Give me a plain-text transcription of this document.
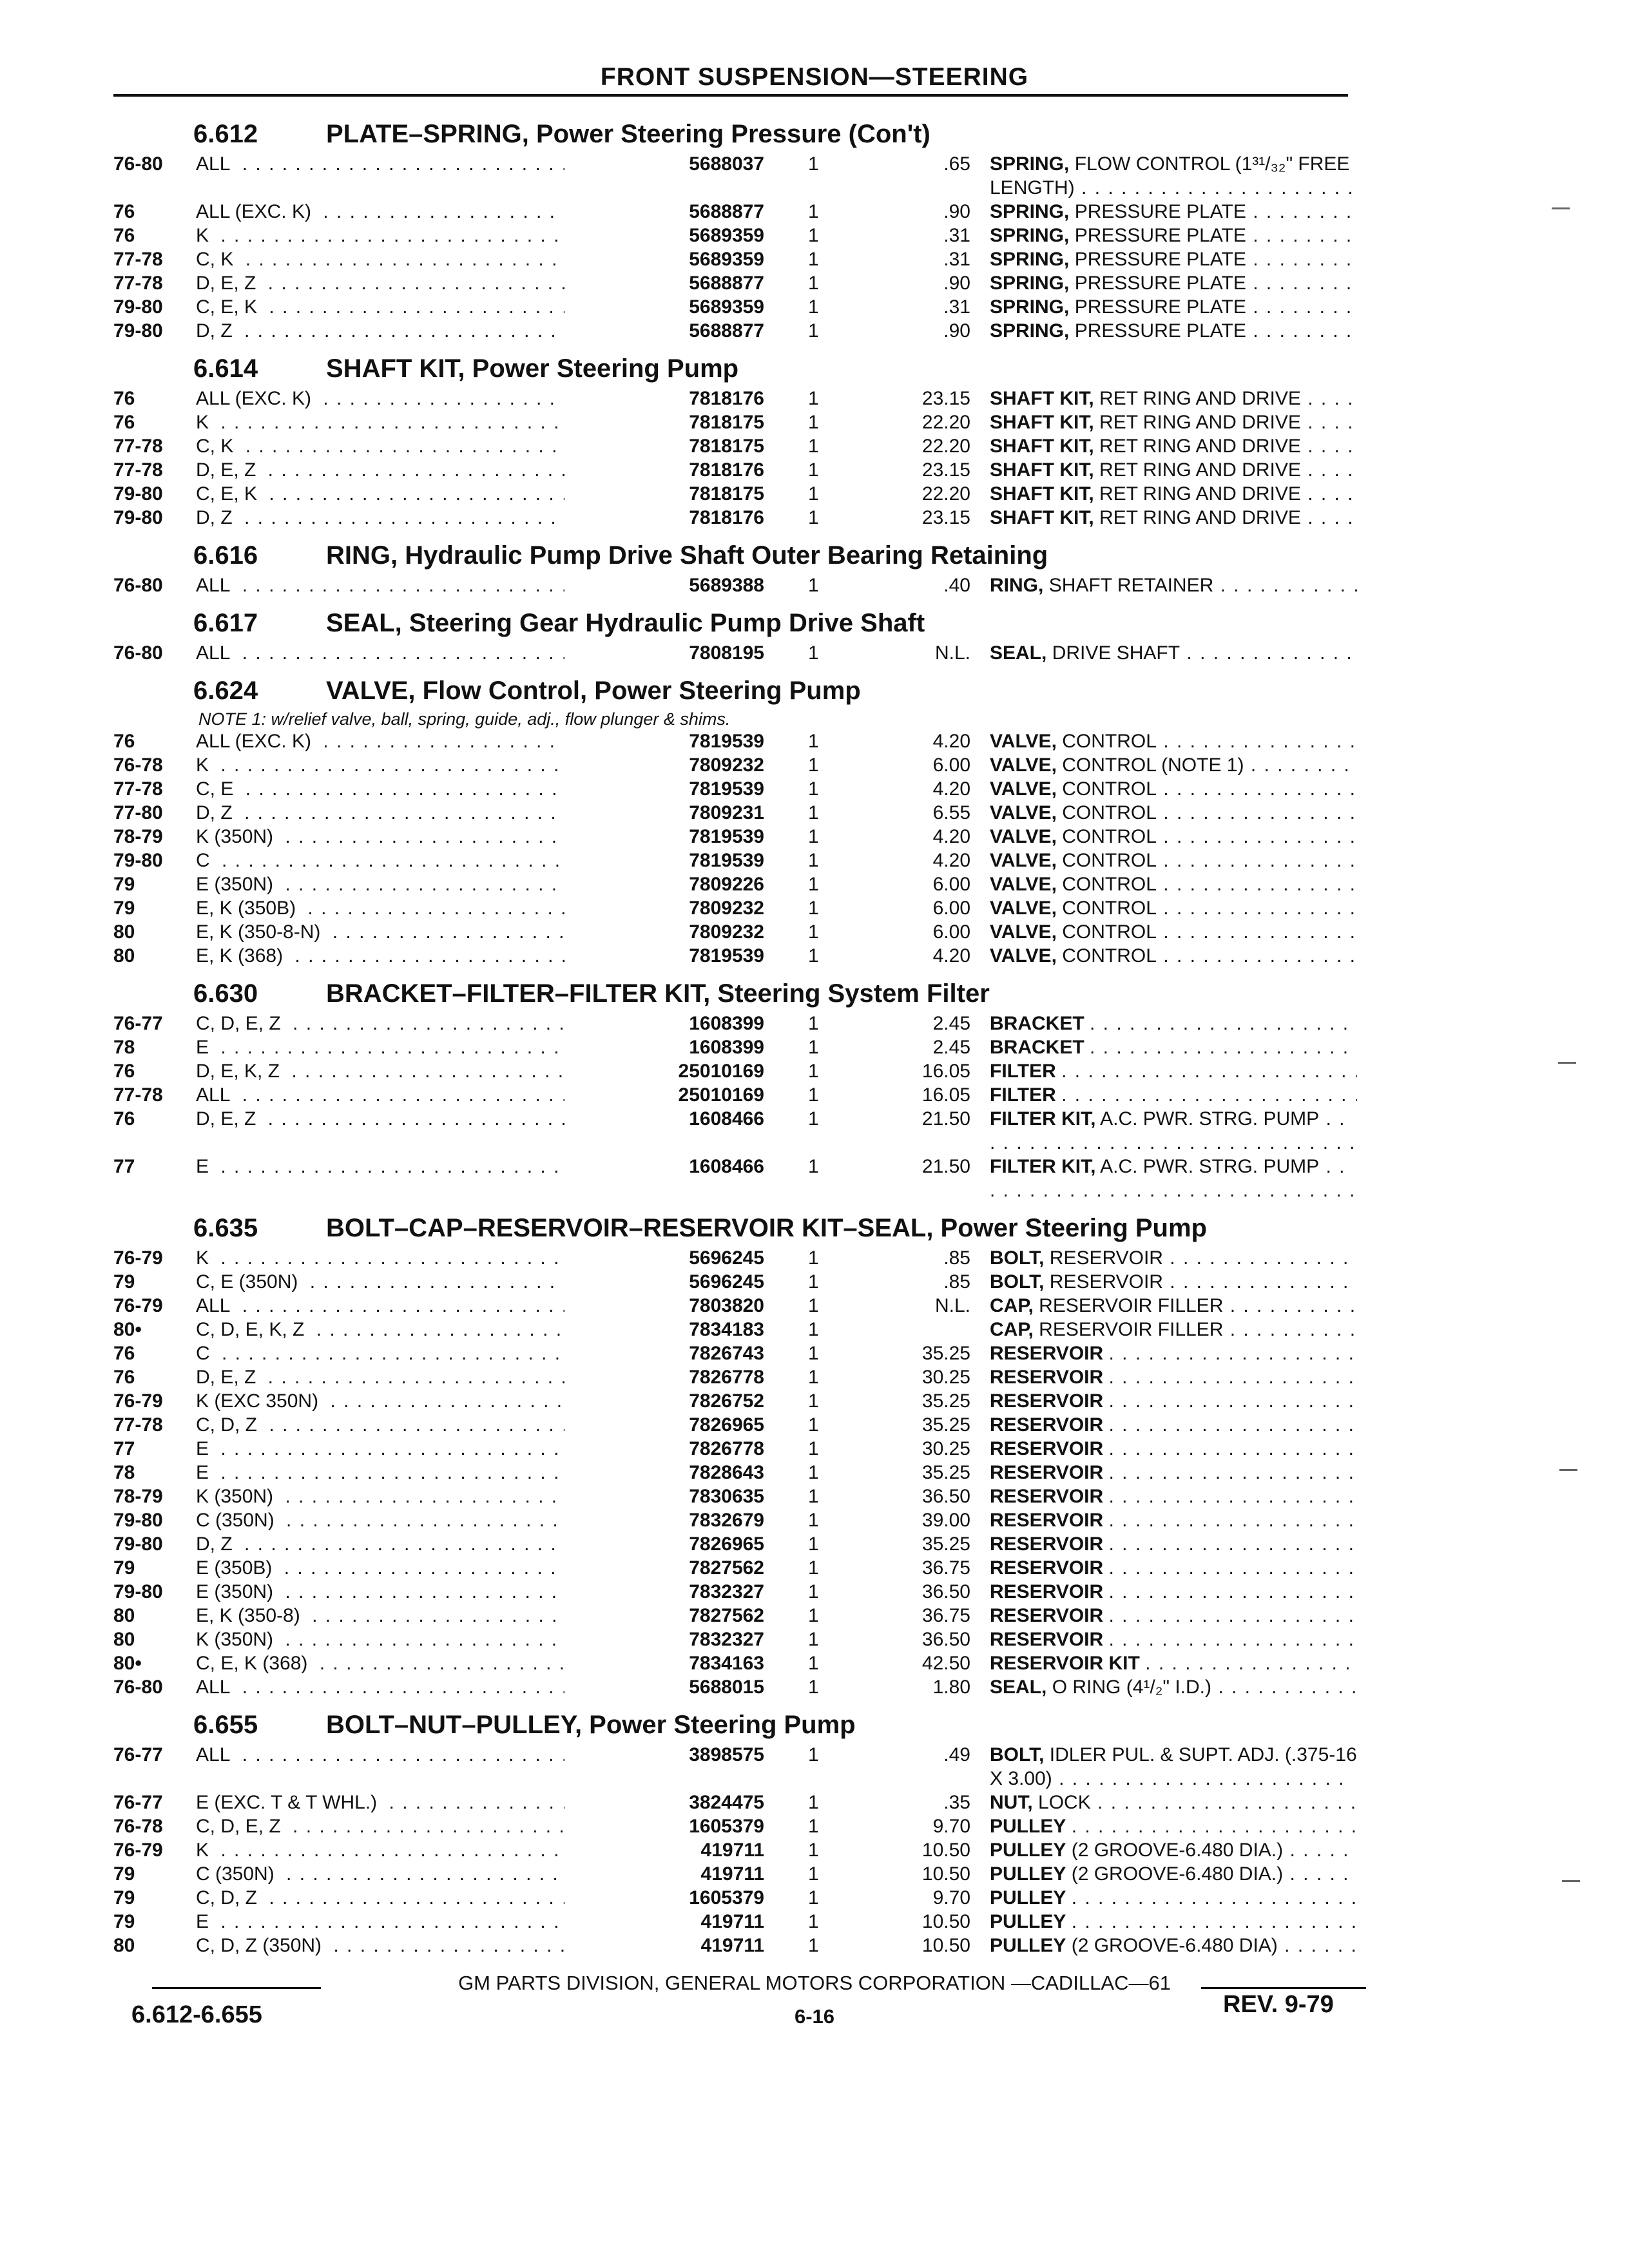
FRONT SUSPENSION—STEERING
6.612	PLATE–SPRING, Power Steering Pressure (Con't)
76-80	ALL . . .	5688037 1	.65 SPRING, FLOW CONTROL (1³¹/₃₂" FREE LENGTH) . . .
76	ALL (EXC. K) . . .	5688877 1	.90 SPRING, PRESSURE PLATE . . .
76	K . . .	5689359 1	.31 SPRING, PRESSURE PLATE . . .
77-78	C, K . . .	5689359 1	.31 SPRING, PRESSURE PLATE . . .
77-78	D, E, Z . . .	5688877 1	.90 SPRING, PRESSURE PLATE . . .
79-80	C, E, K . . .	5689359 1	.31 SPRING, PRESSURE PLATE . . .
79-80	D, Z . . .	5688877 1	.90 SPRING, PRESSURE PLATE . . .
6.614	SHAFT KIT, Power Steering Pump
76	ALL (EXC. K) . . .	7818176 1	23.15 SHAFT KIT, RET RING AND DRIVE . . .
76	K . . .	7818175 1	22.20 SHAFT KIT, RET RING AND DRIVE . . .
77-78	C, K . . .	7818175 1	22.20 SHAFT KIT, RET RING AND DRIVE . . .
77-78	D, E, Z . . .	7818176 1	23.15 SHAFT KIT, RET RING AND DRIVE . . .
79-80	C, E, K . . .	7818175 1	22.20 SHAFT KIT, RET RING AND DRIVE . . .
79-80	D, Z . . .	7818176 1	23.15 SHAFT KIT, RET RING AND DRIVE . . .
6.616	RING, Hydraulic Pump Drive Shaft Outer Bearing Retaining
76-80	ALL . . .	5689388 1	.40 RING, SHAFT RETAINER . . .
6.617	SEAL, Steering Gear Hydraulic Pump Drive Shaft
76-80	ALL . . .	7808195 1	N.L. SEAL, DRIVE SHAFT . . .
6.624	VALVE, Flow Control, Power Steering Pump
NOTE 1: w/relief valve, ball, spring, guide, adj., flow plunger & shims.
76	ALL (EXC. K) . . .	7819539 1	4.20 VALVE, CONTROL . . .
76-78	K . . .	7809232 1	6.00 VALVE, CONTROL (NOTE 1) . . .
77-78	C, E . . .	7819539 1	4.20 VALVE, CONTROL . . .
77-80	D, Z . . .	7809231 1	6.55 VALVE, CONTROL . . .
78-79	K (350N) . . .	7819539 1	4.20 VALVE, CONTROL . . .
79-80	C . . .	7819539 1	4.20 VALVE, CONTROL . . .
79	E (350N) . . .	7809226 1	6.00 VALVE, CONTROL . . .
79	E, K (350B) . . .	7809232 1	6.00 VALVE, CONTROL . . .
80	E, K (350-8-N) . . .	7809232 1	6.00 VALVE, CONTROL . . .
80	E, K (368) . . .	7819539 1	4.20 VALVE, CONTROL . . .
6.630	BRACKET–FILTER–FILTER KIT, Steering System Filter
76-77	C, D, E, Z . . .	1608399 1	2.45 BRACKET . . .
78	E . . .	1608399 1	2.45 BRACKET . . .
76	D, E, K, Z . . .	25010169 1	16.05 FILTER . . .
77-78	ALL . . .	25010169 1	16.05 FILTER . . .
76	D, E, Z . . .	1608466 1	21.50 FILTER KIT, A.C. PWR. STRG. PUMP . . .
77	E . . .	1608466 1	21.50 FILTER KIT, A.C. PWR. STRG. PUMP . . .
6.635	BOLT–CAP–RESERVOIR–RESERVOIR KIT–SEAL, Power Steering Pump
76-79	K . . .	5696245 1	.85 BOLT, RESERVOIR . . .
79	C, E (350N) . . .	5696245 1	.85 BOLT, RESERVOIR . . .
76-79	ALL . . .	7803820 1	N.L. CAP, RESERVOIR FILLER . . .
80•	C, D, E, K, Z . . .	7834183 1	CAP, RESERVOIR FILLER . . .
76	C . . .	7826743 1	35.25 RESERVOIR . . .
76	D, E, Z . . .	7826778 1	30.25 RESERVOIR . . .
76-79	K (EXC 350N) . . .	7826752 1	35.25 RESERVOIR . . .
77-78	C, D, Z . . .	7826965 1	35.25 RESERVOIR . . .
77	E . . .	7826778 1	30.25 RESERVOIR . . .
78	E . . .	7828643 1	35.25 RESERVOIR . . .
78-79	K (350N) . . .	7830635 1	36.50 RESERVOIR . . .
79-80	C (350N) . . .	7832679 1	39.00 RESERVOIR . . .
79-80	D, Z . . .	7826965 1	35.25 RESERVOIR . . .
79	E (350B) . . .	7827562 1	36.75 RESERVOIR . . .
79-80	E (350N) . . .	7832327 1	36.50 RESERVOIR . . .
80	E, K (350-8) . . .	7827562 1	36.75 RESERVOIR . . .
80	K (350N) . . .	7832327 1	36.50 RESERVOIR . . .
80•	C, E, K (368) . . .	7834163 1	42.50 RESERVOIR KIT . . .
76-80	ALL . . .	5688015 1	1.80 SEAL, O RING (4¹/₂" I.D.) . . .
6.655	BOLT–NUT–PULLEY, Power Steering Pump
76-77	ALL . . .	3898575 1	.49 BOLT, IDLER PUL. & SUPT. ADJ. (.375-16 X 3.00) . . .
76-77	E (EXC. T & T WHL.) . . .	3824475 1	.35 NUT, LOCK . . .
76-78	C, D, E, Z . . .	1605379 1	9.70 PULLEY . . .
76-79	K . . .	419711 1	10.50 PULLEY (2 GROOVE-6.480 DIA.) . . .
79	C (350N) . . .	419711 1	10.50 PULLEY (2 GROOVE-6.480 DIA.) . . .
79	C, D, Z . . .	1605379 1	9.70 PULLEY . . .
79	E . . .	419711 1	10.50 PULLEY . . .
80	C, D, Z (350N) . . .	419711 1	10.50 PULLEY (2 GROOVE-6.480 DIA) . . .
GM PARTS DIVISION, GENERAL MOTORS CORPORATION —CADILLAC—61
6.612-6.655	6-16	REV. 9-79
